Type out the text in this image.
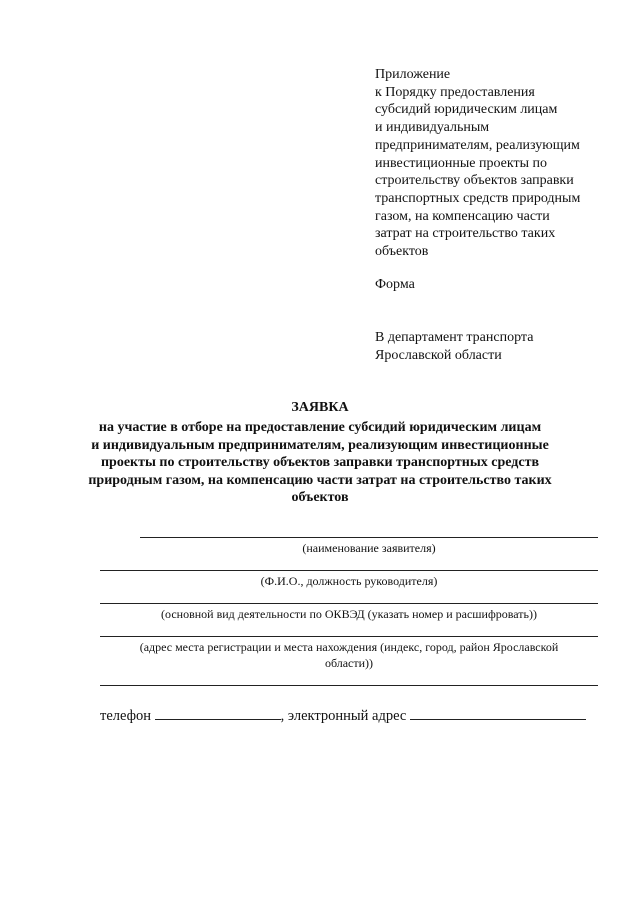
Приложение
к Порядку предоставления
субсидий юридическим лицам
и индивидуальным
предпринимателям, реализующим
инвестиционные проекты по
строительству объектов заправки
транспортных средств природным
газом, на компенсацию части
затрат на строительство таких
объектов
Форма
В департамент транспорта
Ярославской области
ЗАЯВКА
на участие в отборе на предоставление субсидий юридическим лицам
и индивидуальным предпринимателям, реализующим инвестиционные
проекты по строительству объектов заправки транспортных средств
природным газом, на компенсацию части затрат на строительство таких
объектов
(наименование заявителя)
(Ф.И.О., должность руководителя)
(основной вид деятельности по ОКВЭД (указать номер и расшифровать))
(адрес места регистрации и места нахождения (индекс, город, район Ярославской
области))
телефон	, электронный адрес
